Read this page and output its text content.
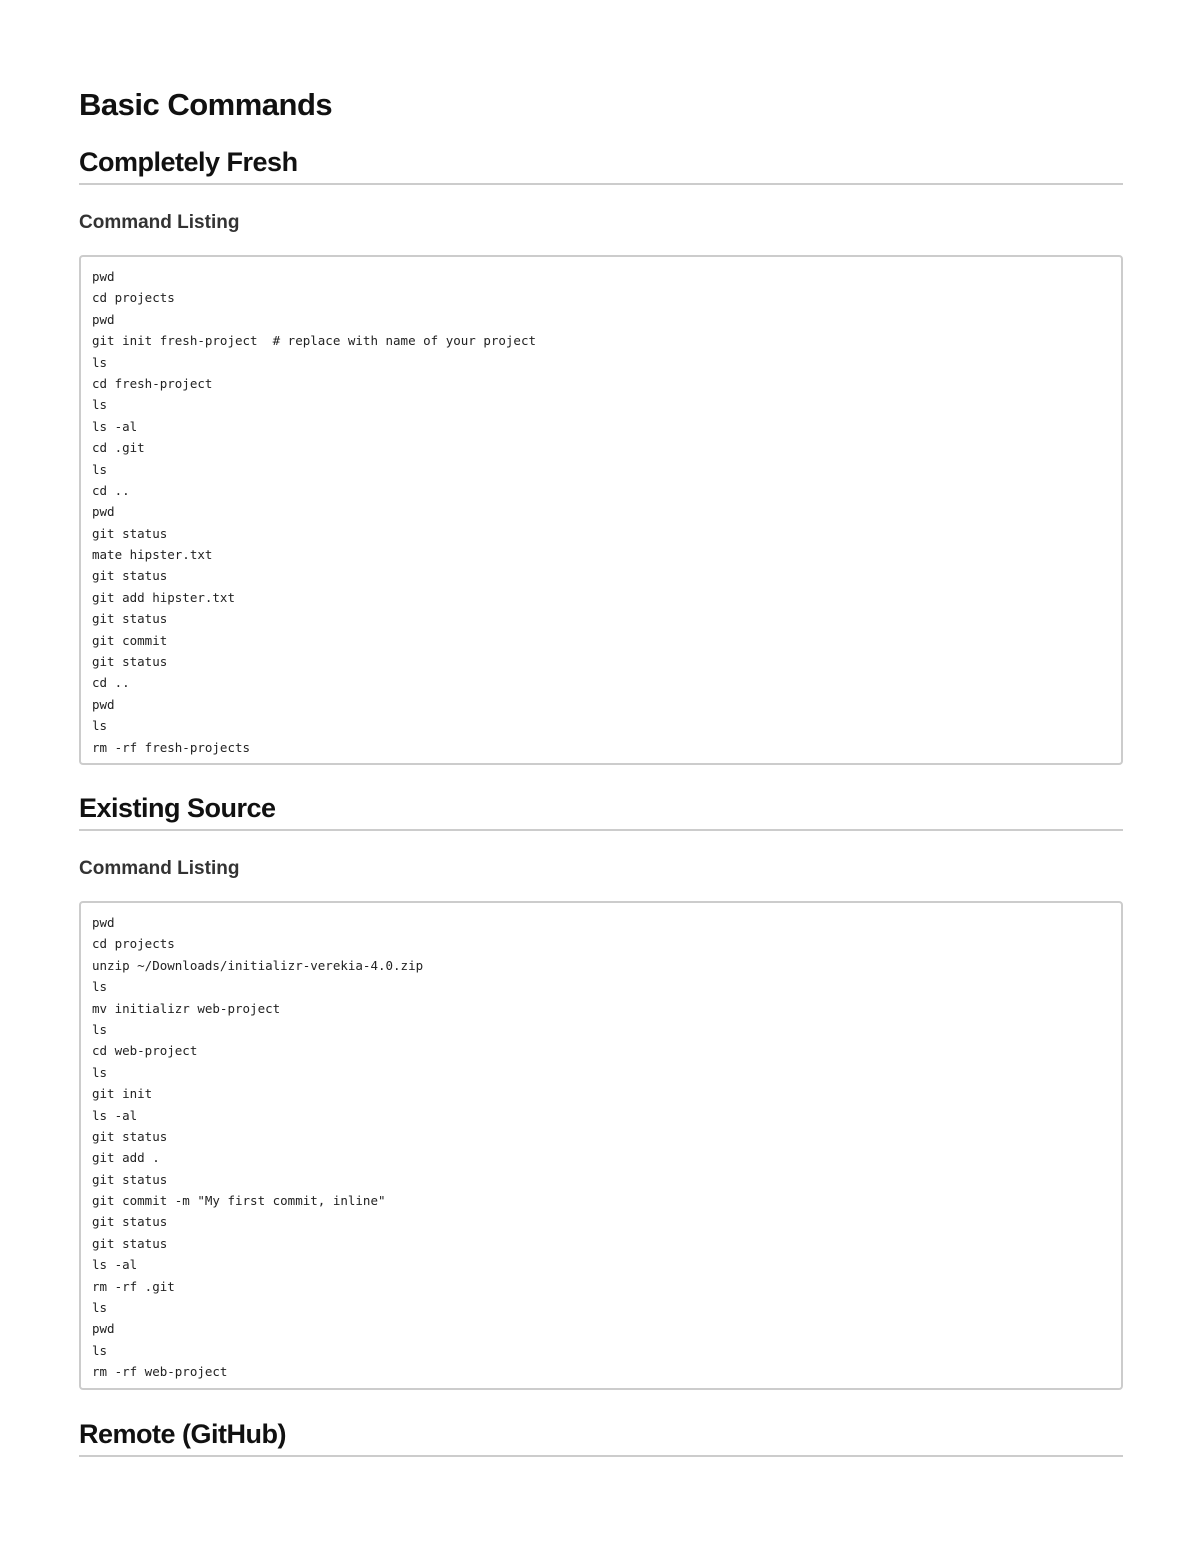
Basic Commands
Completely Fresh
Command Listing
pwd
cd projects
pwd
git init fresh-project  # replace with name of your project
ls
cd fresh-project
ls
ls -al
cd .git
ls
cd ..
pwd
git status
mate hipster.txt
git status
git add hipster.txt
git status
git commit
git status
cd ..
pwd
ls
rm -rf fresh-projects
Existing Source
Command Listing
pwd
cd projects
unzip ~/Downloads/initializr-verekia-4.0.zip
ls
mv initializr web-project
ls
cd web-project
ls
git init
ls -al
git status
git add .
git status
git commit -m "My first commit, inline"
git status
git status
ls -al
rm -rf .git
ls
pwd
ls
rm -rf web-project
Remote (GitHub)
